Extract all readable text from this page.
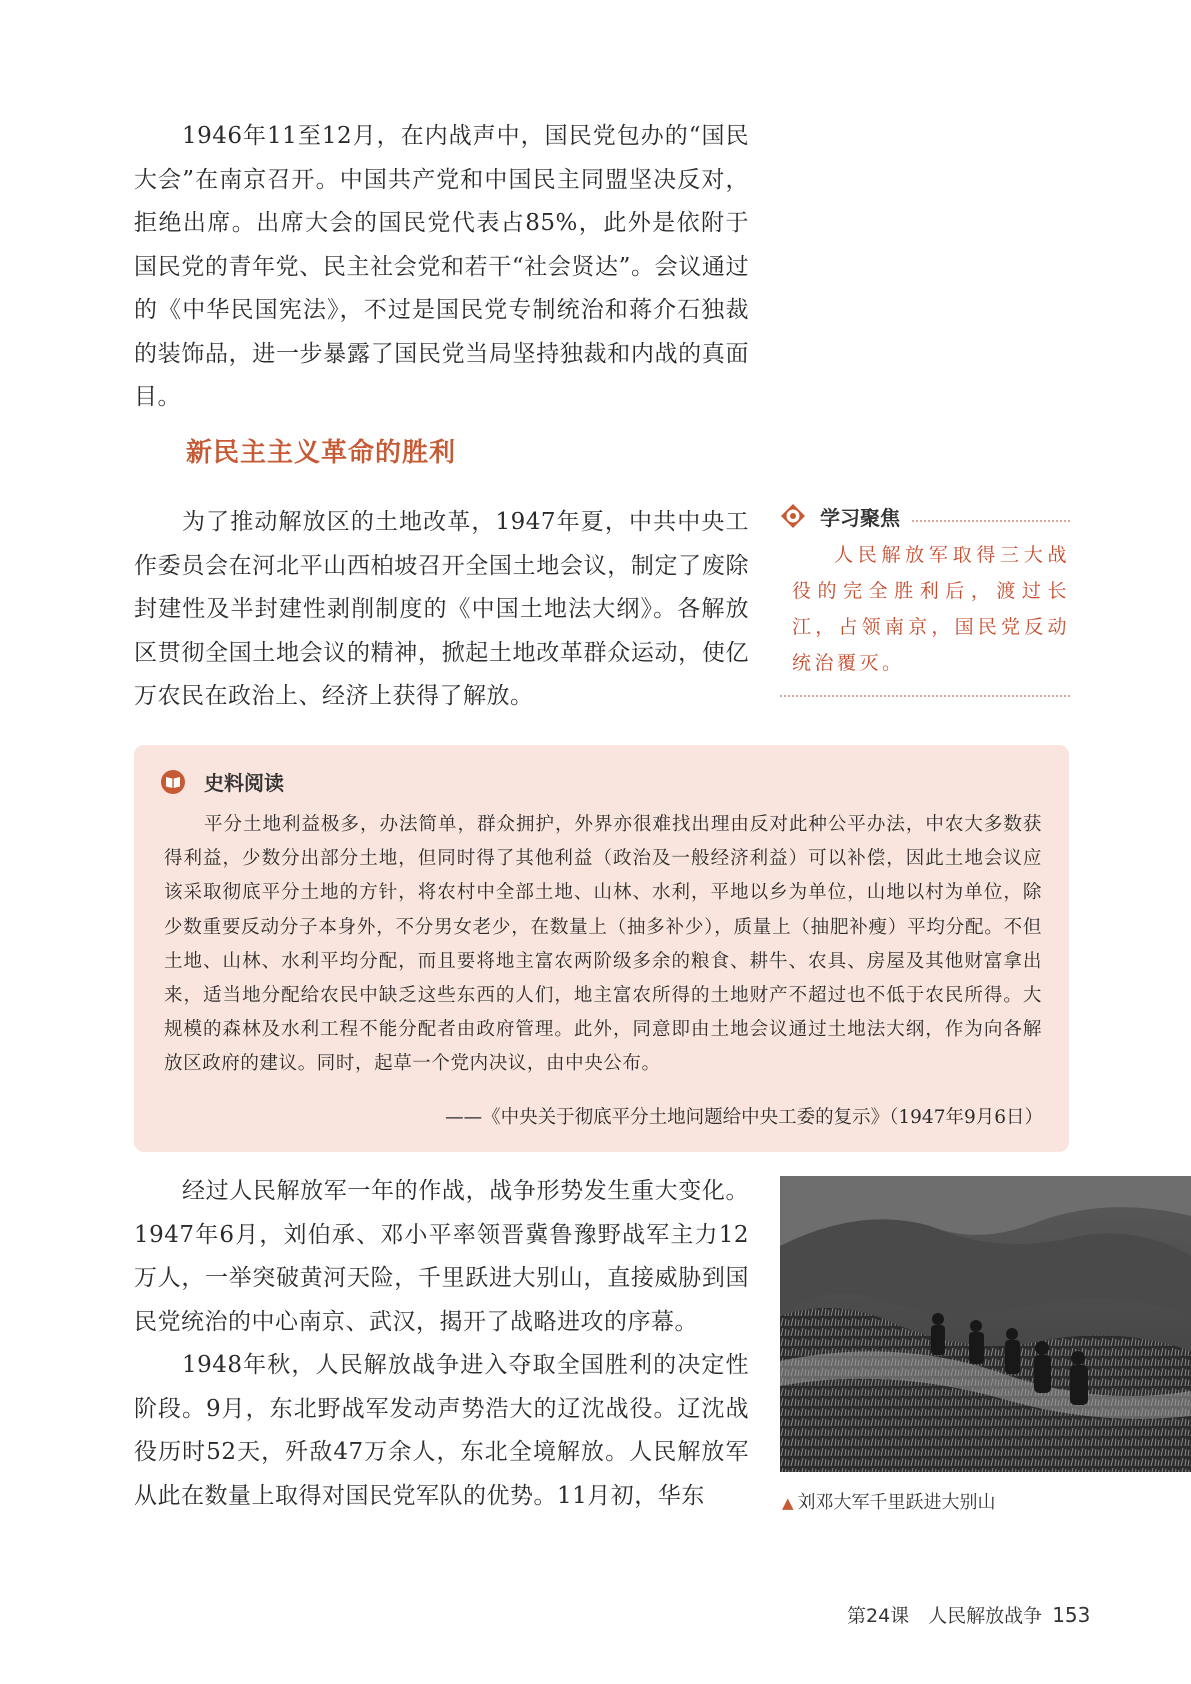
1946年11至12月，在内战声中，国民党包办的“国民大会”在南京召开。中国共产党和中国民主同盟坚决反对，拒绝出席。出席大会的国民党代表占85%，此外是依附于国民党的青年党、民主社会党和若干“社会贤达”。会议通过的《中华民国宪法》，不过是国民党专制统治和蒋介石独裁的装饰品，进一步暴露了国民党当局坚持独裁和内战的真面目。

新民主主义革命的胜利

为了推动解放区的土地改革，1947年夏，中共中央工作委员会在河北平山西柏坡召开全国土地会议，制定了废除封建性及半封建性剥削制度的《中国土地法大纲》。各解放区贯彻全国土地会议的精神，掀起土地改革群众运动，使亿万农民在政治上、经济上获得了解放。

学习聚焦

人民解放军取得三大战役的完全胜利后，渡过长江，占领南京，国民党反动统治覆灭。

史料阅读

平分土地利益极多，办法简单，群众拥护，外界亦很难找出理由反对此种公平办法，中农大多数获得利益，少数分出部分土地，但同时得了其他利益（政治及一般经济利益）可以补偿，因此土地会议应该采取彻底平分土地的方针，将农村中全部土地、山林、水利，平地以乡为单位，山地以村为单位，除少数重要反动分子本身外，不分男女老少，在数量上（抽多补少），质量上（抽肥补瘦）平均分配。不但土地、山林、水利平均分配，而且要将地主富农两阶级多余的粮食、耕牛、农具、房屋及其他财富拿出来，适当地分配给农民中缺乏这些东西的人们，地主富农所得的土地财产不超过也不低于农民所得。大规模的森林及水利工程不能分配者由政府管理。此外，同意即由土地会议通过土地法大纲，作为向各解放区政府的建议。同时，起草一个党内决议，由中央公布。

——《中央关于彻底平分土地问题给中央工委的复示》（1947年9月6日）

经过人民解放军一年的作战，战争形势发生重大变化。1947年6月，刘伯承、邓小平率领晋冀鲁豫野战军主力12万人，一举突破黄河天险，千里跃进大别山，直接威胁到国民党统治的中心南京、武汉，揭开了战略进攻的序幕。
1948年秋，人民解放战争进入夺取全国胜利的决定性阶段。9月，东北野战军发动声势浩大的辽沈战役。辽沈战役历时52天，歼敌47万余人，东北全境解放。人民解放军从此在数量上取得对国民党军队的优势。11月初，华东	▲ 刘邓大军千里跃进大别山
第24课　人民解放战争 153
